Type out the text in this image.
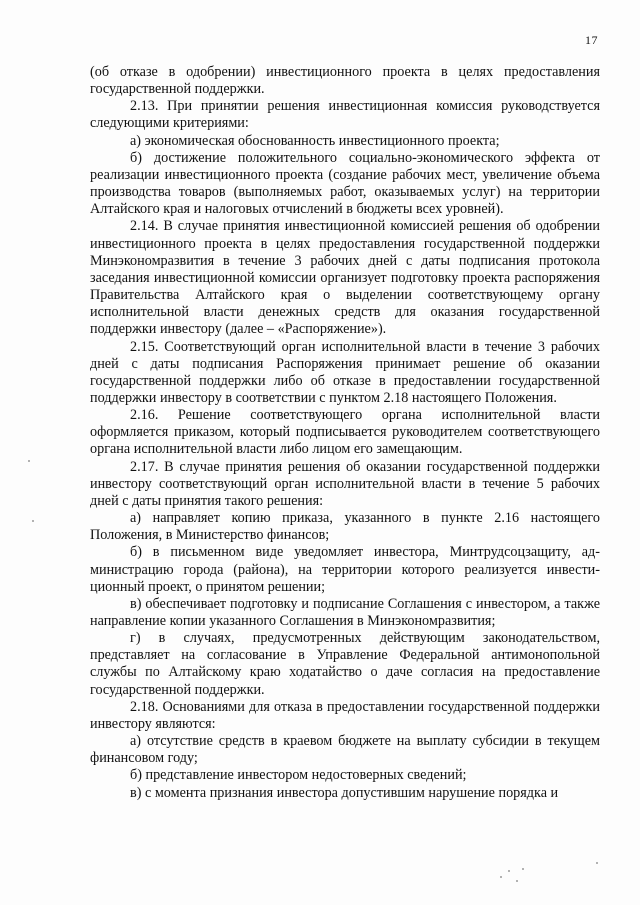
17

(об отказе в одобрении) инвестиционного проекта в целях предоставления государственной поддержки.

2.13. При принятии решения инвестиционная комиссия руководствуется следующими критериями:

а) экономическая обоснованность инвестиционного проекта;

б) достижение положительного социально-экономического эффекта от реализации инвестиционного проекта (создание рабочих мест, увеличение объема производства товаров (выполняемых работ, оказываемых услуг) на территории Алтайского края и налоговых отчислений в бюджеты всех уровней).

2.14. В случае принятия инвестиционной комиссией решения об одобрении инвестиционного проекта в целях предоставления государственной поддержки Минэкономразвития в течение 3 рабочих дней с даты подписания протокола заседания инвестиционной комиссии организует подготовку проекта распоряжения Правительства Алтайского края о выделении соответствующему органу исполнительной власти денежных средств для оказания государственной поддержки инвестору (далее – «Распоряжение»).

2.15. Соответствующий орган исполнительной власти в течение 3 рабочих дней с даты подписания Распоряжения принимает решение об оказании государственной поддержки либо об отказе в предоставлении государственной поддержки инвестору в соответствии с пунктом 2.18 настоящего Положения.

2.16. Решение соответствующего органа исполнительной власти оформляется приказом, который подписывается руководителем соответствующего органа исполнительной власти либо лицом его замещающим.

2.17. В случае принятия решения об оказании государственной поддержки инвестору соответствующий орган исполнительной власти в течение 5 рабочих дней с даты принятия такого решения:

а) направляет копию приказа, указанного в пункте 2.16 настоящего Положения, в Министерство финансов;

б) в письменном виде уведомляет инвестора, Минтрудсоцзащиту, администрацию города (района), на территории которого реализуется инвестиционный проект, о принятом решении;

в) обеспечивает подготовку и подписание Соглашения с инвестором, а также направление копии указанного Соглашения в Минэкономразвития;

г) в случаях, предусмотренных действующим законодательством, представляет на согласование в Управление Федеральной антимонопольной службы по Алтайскому краю ходатайство о даче согласия на предоставление государственной поддержки.

2.18. Основаниями для отказа в предоставлении государственной поддержки инвестору являются:

а) отсутствие средств в краевом бюджете на выплату субсидии в текущем финансовом году;

б) представление инвестором недостоверных сведений;

в) с момента признания инвестора допустившим нарушение порядка и
